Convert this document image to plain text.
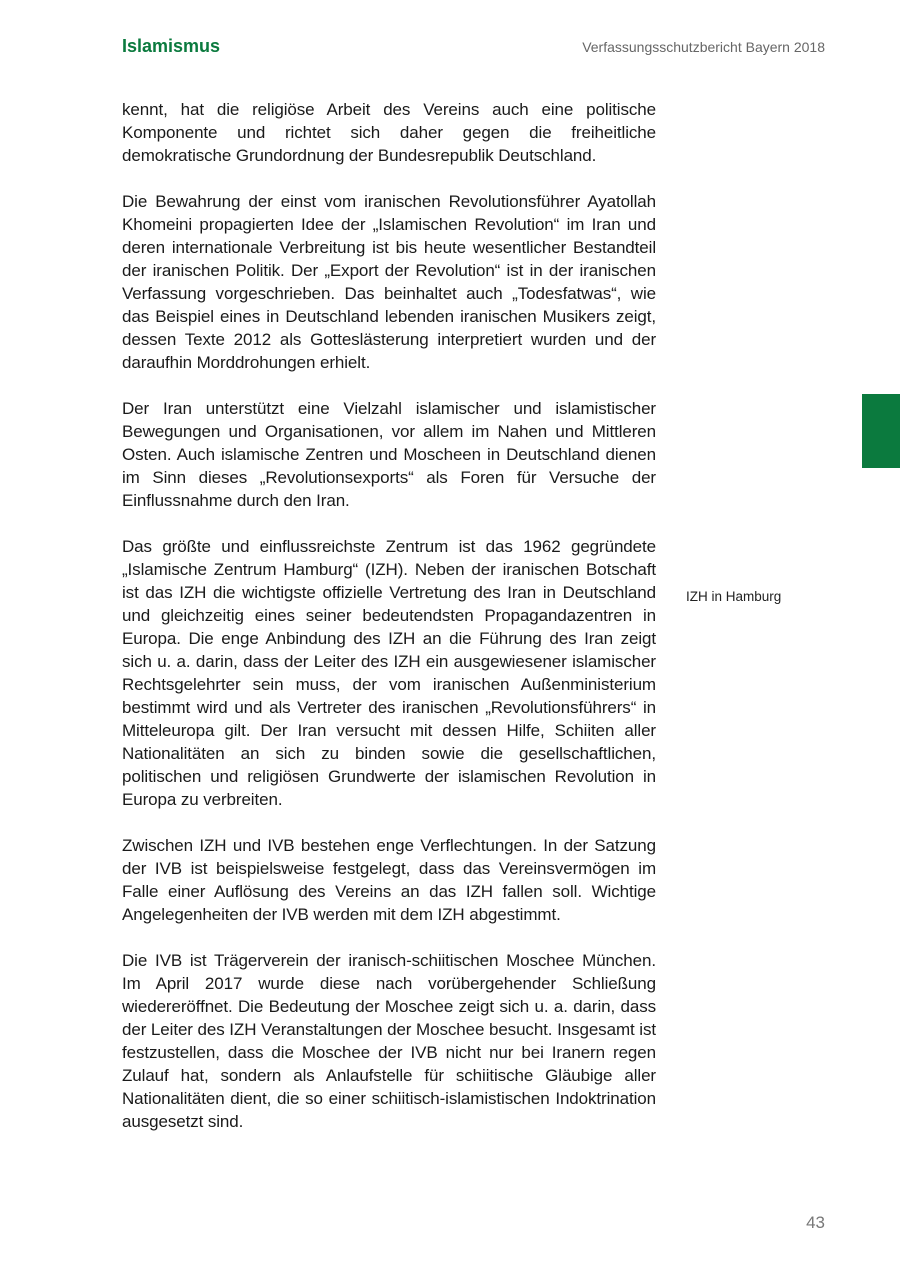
Islamismus	Verfassungsschutzbericht Bayern 2018

kennt, hat die religiöse Arbeit des Vereins auch eine politische Komponente und richtet sich daher gegen die freiheitliche demokratische Grundordnung der Bundesrepublik Deutschland.

Die Bewahrung der einst vom iranischen Revolutionsführer Ayatollah Khomeini propagierten Idee der „Islamischen Revolution“ im Iran und deren internationale Verbreitung ist bis heute wesentlicher Bestandteil der iranischen Politik. Der „Export der Revolution“ ist in der iranischen Verfassung vorgeschrieben. Das beinhaltet auch „Todesfatwas“, wie das Beispiel eines in Deutschland lebenden iranischen Musikers zeigt, dessen Texte 2012 als Gotteslästerung interpretiert wurden und der daraufhin Morddrohungen erhielt.

Der Iran unterstützt eine Vielzahl islamischer und islamistischer Bewegungen und Organisationen, vor allem im Nahen und Mittleren Osten. Auch islamische Zentren und Moscheen in Deutschland dienen im Sinn dieses „Revolutionsexports“ als Foren für Versuche der Einflussnahme durch den Iran.

Das größte und einflussreichste Zentrum ist das 1962 gegründete „Islamische Zentrum Hamburg“ (IZH). Neben der iranischen Botschaft ist das IZH die wichtigste offizielle Vertretung des Iran in Deutschland und gleichzeitig eines seiner bedeutendsten Propagandazentren in Europa. Die enge Anbindung des IZH an die Führung des Iran zeigt sich u. a. darin, dass der Leiter des IZH ein ausgewiesener islamischer Rechtsgelehrter sein muss, der vom iranischen Außenministerium bestimmt wird und als Vertreter des iranischen „Revolutionsführers“ in Mitteleuropa gilt. Der Iran versucht mit dessen Hilfe, Schiiten aller Nationalitäten an sich zu binden sowie die gesellschaftlichen, politischen und religiösen Grundwerte der islamischen Revolution in Europa zu verbreiten.

Zwischen IZH und IVB bestehen enge Verflechtungen. In der Satzung der IVB ist beispielsweise festgelegt, dass das Vereinsvermögen im Falle einer Auflösung des Vereins an das IZH fallen soll. Wichtige Angelegenheiten der IVB werden mit dem IZH abgestimmt.

Die IVB ist Trägerverein der iranisch-schiitischen Moschee München. Im April 2017 wurde diese nach vorübergehender Schließung wiedereröffnet. Die Bedeutung der Moschee zeigt sich u. a. darin, dass der Leiter des IZH Veranstaltungen der Moschee besucht. Insgesamt ist festzustellen, dass die Moschee der IVB nicht nur bei Iranern regen Zulauf hat, sondern als Anlaufstelle für schiitische Gläubige aller Nationalitäten dient, die so einer schiitisch-islamistischen Indoktrination ausgesetzt sind.

IZH in Hamburg
43
